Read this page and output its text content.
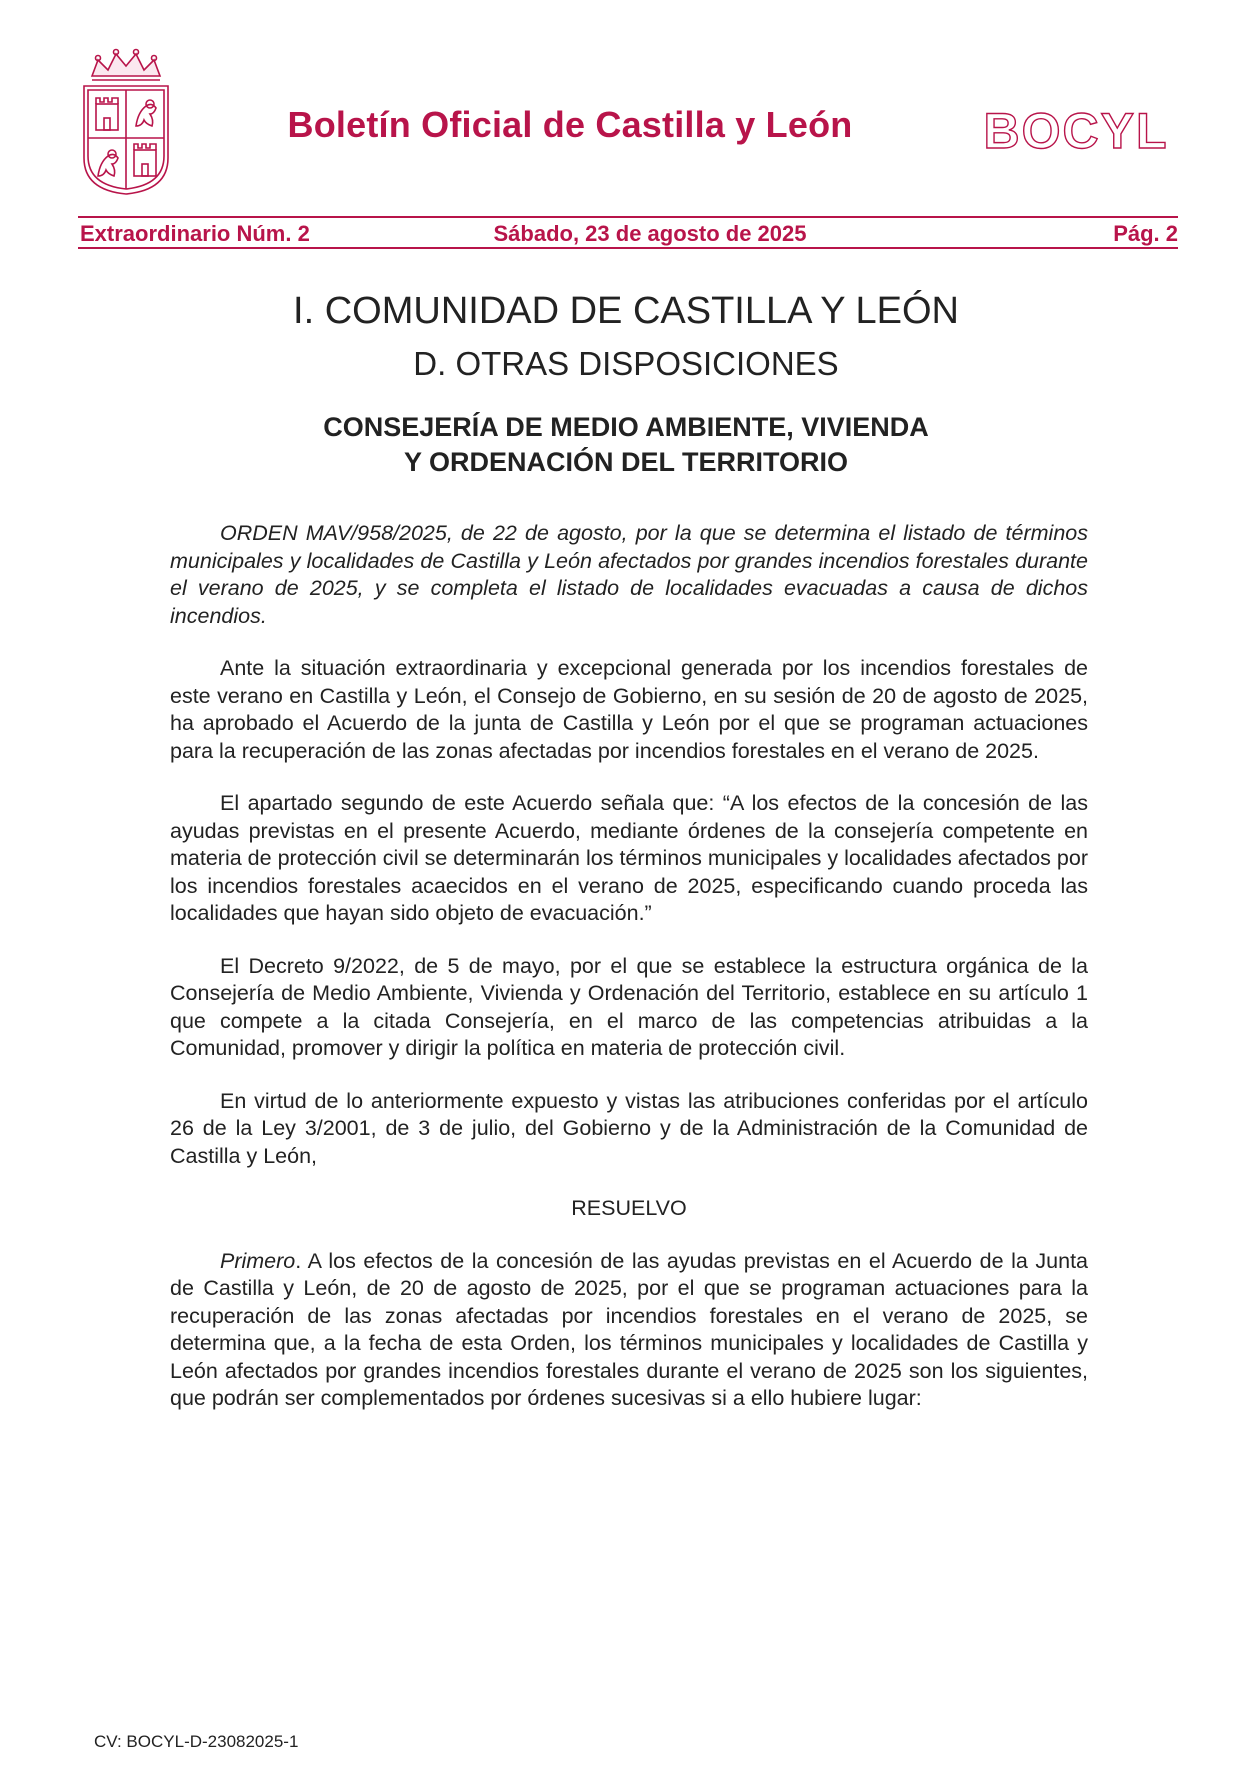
Boletín Oficial de Castilla y León	BOCYL
Extraordinario Núm. 2	Sábado, 23 de agosto de 2025	Pág. 2
I. COMUNIDAD DE CASTILLA Y LEÓN
D. OTRAS DISPOSICIONES
CONSEJERÍA DE MEDIO AMBIENTE, VIVIENDA
Y ORDENACIÓN DEL TERRITORIO

ORDEN MAV/958/2025, de 22 de agosto, por la que se determina el listado de términos municipales y localidades de Castilla y León afectados por grandes incendios forestales durante el verano de 2025, y se completa el listado de localidades evacuadas a causa de dichos incendios.

Ante la situación extraordinaria y excepcional generada por los incendios forestales de este verano en Castilla y León, el Consejo de Gobierno, en su sesión de 20 de agosto de 2025, ha aprobado el Acuerdo de la junta de Castilla y León por el que se programan actuaciones para la recuperación de las zonas afectadas por incendios forestales en el verano de 2025.

El apartado segundo de este Acuerdo señala que: “A los efectos de la concesión de las ayudas previstas en el presente Acuerdo, mediante órdenes de la consejería competente en materia de protección civil se determinarán los términos municipales y localidades afectados por los incendios forestales acaecidos en el verano de 2025, especificando cuando proceda las localidades que hayan sido objeto de evacuación.”

El Decreto 9/2022, de 5 de mayo, por el que se establece la estructura orgánica de la Consejería de Medio Ambiente, Vivienda y Ordenación del Territorio, establece en su artículo 1 que compete a la citada Consejería, en el marco de las competencias atribuidas a la Comunidad, promover y dirigir la política en materia de protección civil.

En virtud de lo anteriormente expuesto y vistas las atribuciones conferidas por el artículo 26 de la Ley 3/2001, de 3 de julio, del Gobierno y de la Administración de la Comunidad de Castilla y León,

RESUELVO

Primero. A los efectos de la concesión de las ayudas previstas en el Acuerdo de la Junta de Castilla y León, de 20 de agosto de 2025, por el que se programan actuaciones para la recuperación de las zonas afectadas por incendios forestales en el verano de 2025, se determina que, a la fecha de esta Orden, los términos municipales y localidades de Castilla y León afectados por grandes incendios forestales durante el verano de 2025 son los siguientes, que podrán ser complementados por órdenes sucesivas si a ello hubiere lugar:

CV: BOCYL-D-23082025-1
